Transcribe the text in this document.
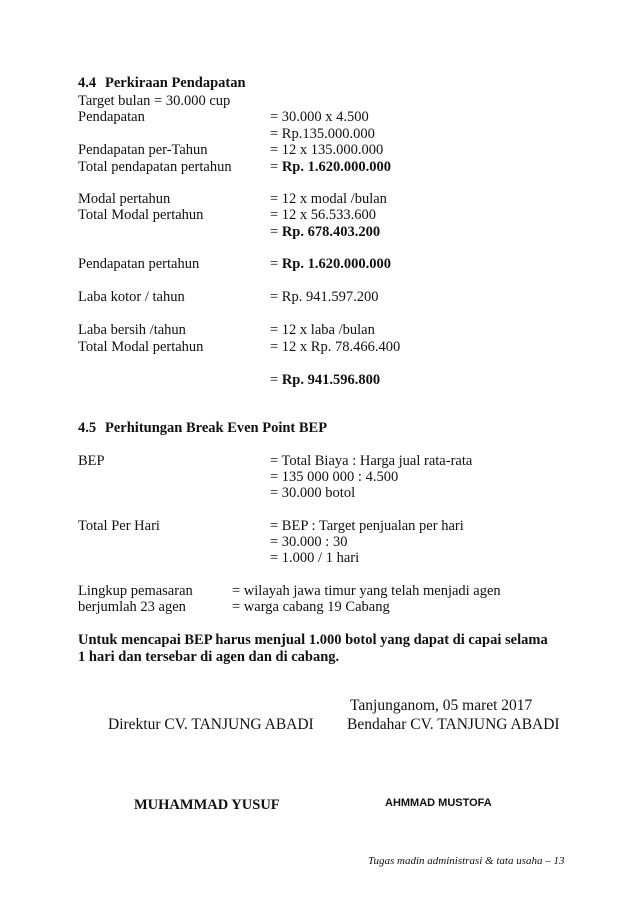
4.4 Perkiraan Pendapatan
Target bulan = 30.000 cup
Pendapatan	= 30.000 x 4.500
= Rp.135.000.000
Pendapatan per-Tahun	= 12 x 135.000.000
Total pendapatan pertahun	= Rp. 1.620.000.000
Modal pertahun	= 12 x modal /bulan
Total Modal pertahun	= 12 x 56.533.600
= Rp. 678.403.200
Pendapatan pertahun	= Rp. 1.620.000.000
Laba kotor / tahun	= Rp. 941.597.200
Laba bersih /tahun	= 12 x laba /bulan
Total Modal pertahun	= 12 x Rp. 78.466.400
= Rp. 941.596.800
4.5 Perhitungan Break Even Point BEP
BEP	= Total Biaya : Harga jual rata-rata
= 135 000 000 : 4.500
= 30.000 botol
Total Per Hari	= BEP : Target penjualan per hari
= 30.000 : 30
= 1.000 / 1 hari
Lingkup pemasaran	= wilayah jawa timur yang telah menjadi agen
berjumlah 23 agen	= warga cabang 19 Cabang
Untuk mencapai BEP harus menjual 1.000 botol yang dapat di capai selama
1 hari dan tersebar di agen dan di cabang.
Tanjunganom, 05 maret 2017
Direktur CV. TANJUNG ABADI Bendahar CV. TANJUNG ABADI
MUHAMMAD YUSUF	AHMMAD MUSTOFA
Tugas madin administrasi & tata usaha – 13
